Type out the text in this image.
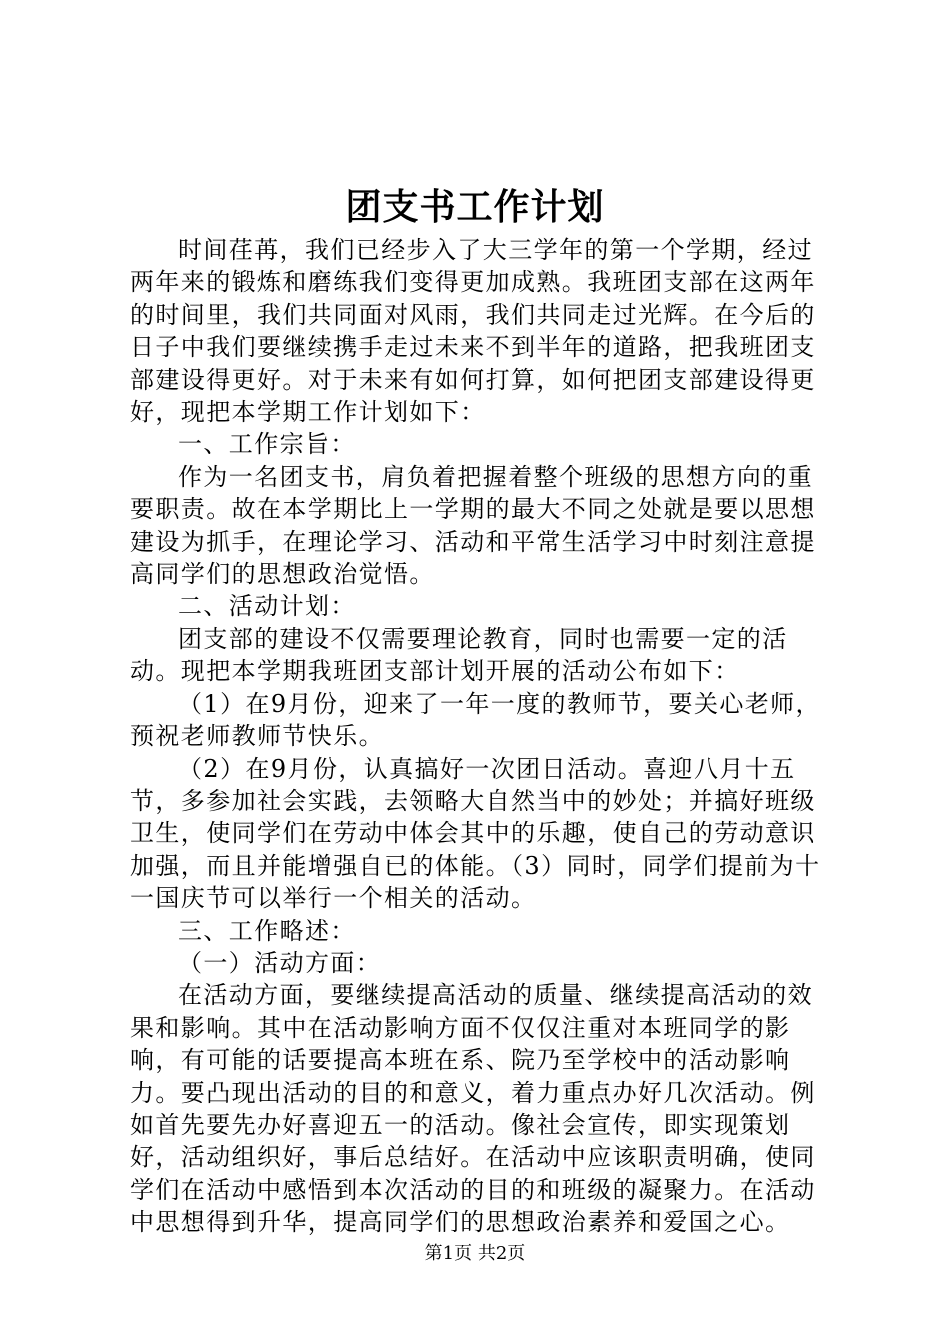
团支书工作计划

时间荏苒，我们已经步入了大三学年的第一个学期，经过两年来的锻炼和磨练我们变得更加成熟。我班团支部在这两年的时间里，我们共同面对风雨，我们共同走过光辉。在今后的日子中我们要继续携手走过未来不到半年的道路，把我班团支部建设得更好。对于未来有如何打算，如何把团支部建设得更好，现把本学期工作计划如下：

一、工作宗旨：

作为一名团支书，肩负着把握着整个班级的思想方向的重要职责。故在本学期比上一学期的最大不同之处就是要以思想建设为抓手，在理论学习、活动和平常生活学习中时刻注意提高同学们的思想政治觉悟。

二、活动计划：

团支部的建设不仅需要理论教育，同时也需要一定的活动。现把本学期我班团支部计划开展的活动公布如下：

（1）在9月份，迎来了一年一度的教师节，要关心老师，预祝老师教师节快乐。

（2）在9月份，认真搞好一次团日活动。喜迎八月十五节，多参加社会实践，去领略大自然当中的妙处；并搞好班级卫生，使同学们在劳动中体会其中的乐趣，使自己的劳动意识加强，而且并能增强自已的体能。（3）同时，同学们提前为十一国庆节可以举行一个相关的活动。

三、工作略述：

（一）活动方面：

在活动方面，要继续提高活动的质量、继续提高活动的效果和影响。其中在活动影响方面不仅仅注重对本班同学的影响，有可能的话要提高本班在系、院乃至学校中的活动影响力。要凸现出活动的目的和意义，着力重点办好几次活动。例如首先要先办好喜迎五一的活动。像社会宣传，即实现策划好，活动组织好，事后总结好。在活动中应该职责明确，使同学们在活动中感悟到本次活动的目的和班级的凝聚力。在活动中思想得到升华，提高同学们的思想政治素养和爱国之心。

第1页 共2页
